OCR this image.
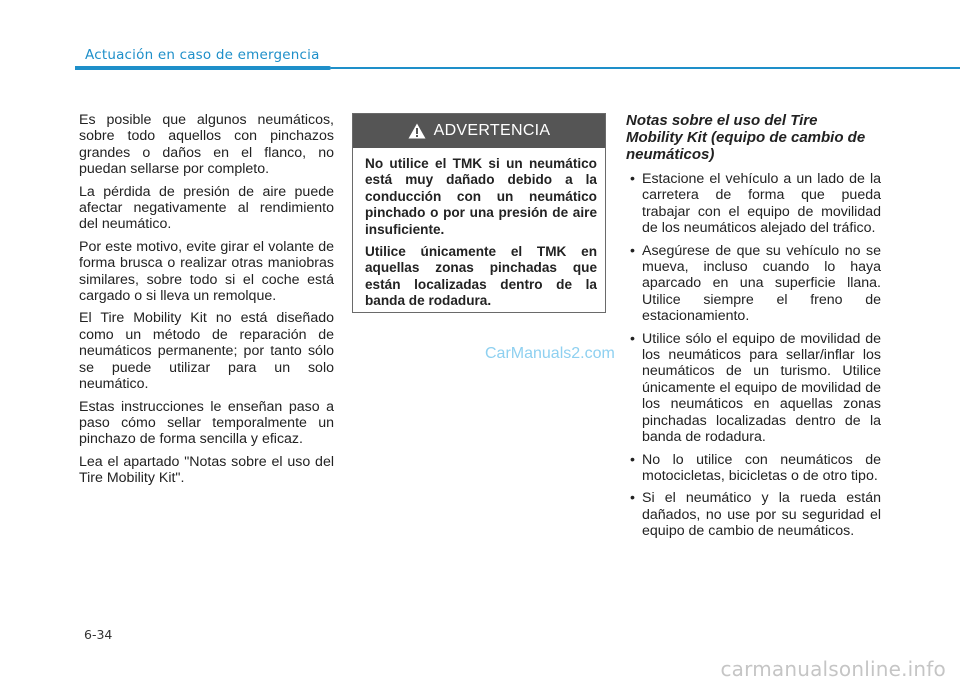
Actuación en caso de emergencia

Es posible que algunos neumáticos, sobre todo aquellos con pinchazos grandes o daños en el flanco, no puedan sellarse por completo.

La pérdida de presión de aire puede afectar negativamente al rendimiento del neumático.

Por este motivo, evite girar el volante de forma brusca o realizar otras maniobras similares, sobre todo si el coche está cargado o si lleva un remolque.

El Tire Mobility Kit no está diseñado como un método de reparación de neumáticos permanente; por tanto sólo se puede utilizar para un solo neumático.

Estas instrucciones le enseñan paso a paso cómo sellar temporalmente un pinchazo de forma sencilla y eficaz.

Lea el apartado "Notas sobre el uso del Tire Mobility Kit".

ADVERTENCIA

No utilice el TMK si un neumático está muy dañado debido a la conducción con un neumático pinchado o por una presión de aire insuficiente.

Utilice únicamente el TMK en aquellas zonas pinchadas que están localizadas dentro de la banda de rodadura.

CarManuals2.com
Notas sobre el uso del Tire Mobility Kit (equipo de cambio de neumáticos)
• Estacione el vehículo a un lado de la carretera de forma que pueda trabajar con el equipo de movilidad de los neumáticos alejado del tráfico.
• Asegúrese de que su vehículo no se mueva, incluso cuando lo haya aparcado en una superficie llana. Utilice siempre el freno de estacionamiento.
• Utilice sólo el equipo de movilidad de los neumáticos para sellar/inflar los neumáticos de un turismo. Utilice únicamente el equipo de movilidad de los neumáticos en aquellas zonas pinchadas localizadas dentro de la banda de rodadura.
• No lo utilice con neumáticos de motocicletas, bicicletas o de otro tipo.
• Si el neumático y la rueda están dañados, no use por su seguridad el equipo de cambio de neumáticos.
6-34
carmanualsonline.info
